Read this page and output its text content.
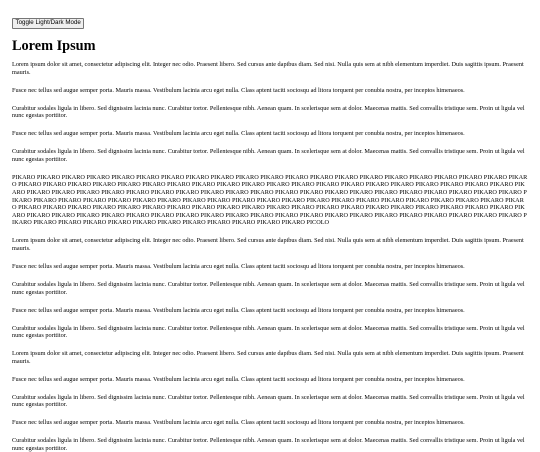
Toggle Light/Dark Mode
Lorem Ipsum

Lorem ipsum dolor sit amet, consectetur adipiscing elit. Integer nec odio. Praesent libero. Sed cursus ante dapibus diam. Sed nisi. Nulla quis sem at nibh elementum imperdiet. Duis sagittis ipsum. Praesent mauris.

Fusce nec tellus sed augue semper porta. Mauris massa. Vestibulum lacinia arcu eget nulla. Class aptent taciti sociosqu ad litora torquent per conubia nostra, per inceptos himenaeos.

Curabitur sodales ligula in libero. Sed dignissim lacinia nunc. Curabitur tortor. Pellentesque nibh. Aenean quam. In scelerisque sem at dolor. Maecenas mattis. Sed convallis tristique sem. Proin ut ligula vel nunc egestas porttitor.

Fusce nec tellus sed augue semper porta. Mauris massa. Vestibulum lacinia arcu eget nulla. Class aptent taciti sociosqu ad litora torquent per conubia nostra, per inceptos himenaeos.

Curabitur sodales ligula in libero. Sed dignissim lacinia nunc. Curabitur tortor. Pellentesque nibh. Aenean quam. In scelerisque sem at dolor. Maecenas mattis. Sed convallis tristique sem. Proin ut ligula vel nunc egestas porttitor.

PIKARO PIKARO PIKARO PIKARO PIKARO PIKARO PIKARO PIKARO PIKARO PIKARO PIKARO PIKARO PIKARO PIKARO PIKARO PIKARO PIKARO PIKARO PIKARO PIKARO PIKARO PIKARO PIKARO PIKARO PIKARO PIKARO PIKARO PIKARO PIKARO PIKARO PIKARO PIKARO PIKARO PIKARO PIKARO PIKARO PIKARO PIKARO PIKARO PIKARO PIKARO PIKARO PIKARO PIKARO PIKARO PIKARO PIKARO PIKARO PIKARO PIKARO PIKARO PIKARO PIKARO PIKARO PIKARO PIKARO PIKARO PIKARO PIKARO PIKARO PIKARO PIKARO PIKARO PIKARO PIKARO PIKARO PIKARO PIKARO PIKARO PIKARO PIKARO PIKARO PIKARO PIKARO PIKARO PIKARO PIKARO PIKARO PIKARO PIKARO PIKARO PIKARO PIKARO PIKARO PIKARO PIKARO PIKARO PIKARO PIKARO PIKARO PIKARO PIKARO PIKARO PIKARO PIKARO PIKARO PIKARO PIKARO PIKARO PIKARO PIKARO PIKARO PIKARO PIKARO PIKARO PIKARO PIKARO PIKARO PIKARO PIKARO PIKARO PIKARO PIKARO PIKARO PIKARO PIKARO PIKARO PIKARO PIKARO PIKARO PIKARO PIKARO PIKARO PIKARO PIKARO PIKARO PIKARO PIKARO PIKARO PIKARO PIKARO PIKARO PIKARO PIKARO PIKARO PIKARO PICOLO

Lorem ipsum dolor sit amet, consectetur adipiscing elit. Integer nec odio. Praesent libero. Sed cursus ante dapibus diam. Sed nisi. Nulla quis sem at nibh elementum imperdiet. Duis sagittis ipsum. Praesent mauris.

Fusce nec tellus sed augue semper porta. Mauris massa. Vestibulum lacinia arcu eget nulla. Class aptent taciti sociosqu ad litora torquent per conubia nostra, per inceptos himenaeos.

Curabitur sodales ligula in libero. Sed dignissim lacinia nunc. Curabitur tortor. Pellentesque nibh. Aenean quam. In scelerisque sem at dolor. Maecenas mattis. Sed convallis tristique sem. Proin ut ligula vel nunc egestas porttitor.

Fusce nec tellus sed augue semper porta. Mauris massa. Vestibulum lacinia arcu eget nulla. Class aptent taciti sociosqu ad litora torquent per conubia nostra, per inceptos himenaeos.

Curabitur sodales ligula in libero. Sed dignissim lacinia nunc. Curabitur tortor. Pellentesque nibh. Aenean quam. In scelerisque sem at dolor. Maecenas mattis. Sed convallis tristique sem. Proin ut ligula vel nunc egestas porttitor.

Lorem ipsum dolor sit amet, consectetur adipiscing elit. Integer nec odio. Praesent libero. Sed cursus ante dapibus diam. Sed nisi. Nulla quis sem at nibh elementum imperdiet. Duis sagittis ipsum. Praesent mauris.

Fusce nec tellus sed augue semper porta. Mauris massa. Vestibulum lacinia arcu eget nulla. Class aptent taciti sociosqu ad litora torquent per conubia nostra, per inceptos himenaeos.

Curabitur sodales ligula in libero. Sed dignissim lacinia nunc. Curabitur tortor. Pellentesque nibh. Aenean quam. In scelerisque sem at dolor. Maecenas mattis. Sed convallis tristique sem. Proin ut ligula vel nunc egestas porttitor.

Fusce nec tellus sed augue semper porta. Mauris massa. Vestibulum lacinia arcu eget nulla. Class aptent taciti sociosqu ad litora torquent per conubia nostra, per inceptos himenaeos.

Curabitur sodales ligula in libero. Sed dignissim lacinia nunc. Curabitur tortor. Pellentesque nibh. Aenean quam. In scelerisque sem at dolor. Maecenas mattis. Sed convallis tristique sem. Proin ut ligula vel nunc egestas porttitor.
